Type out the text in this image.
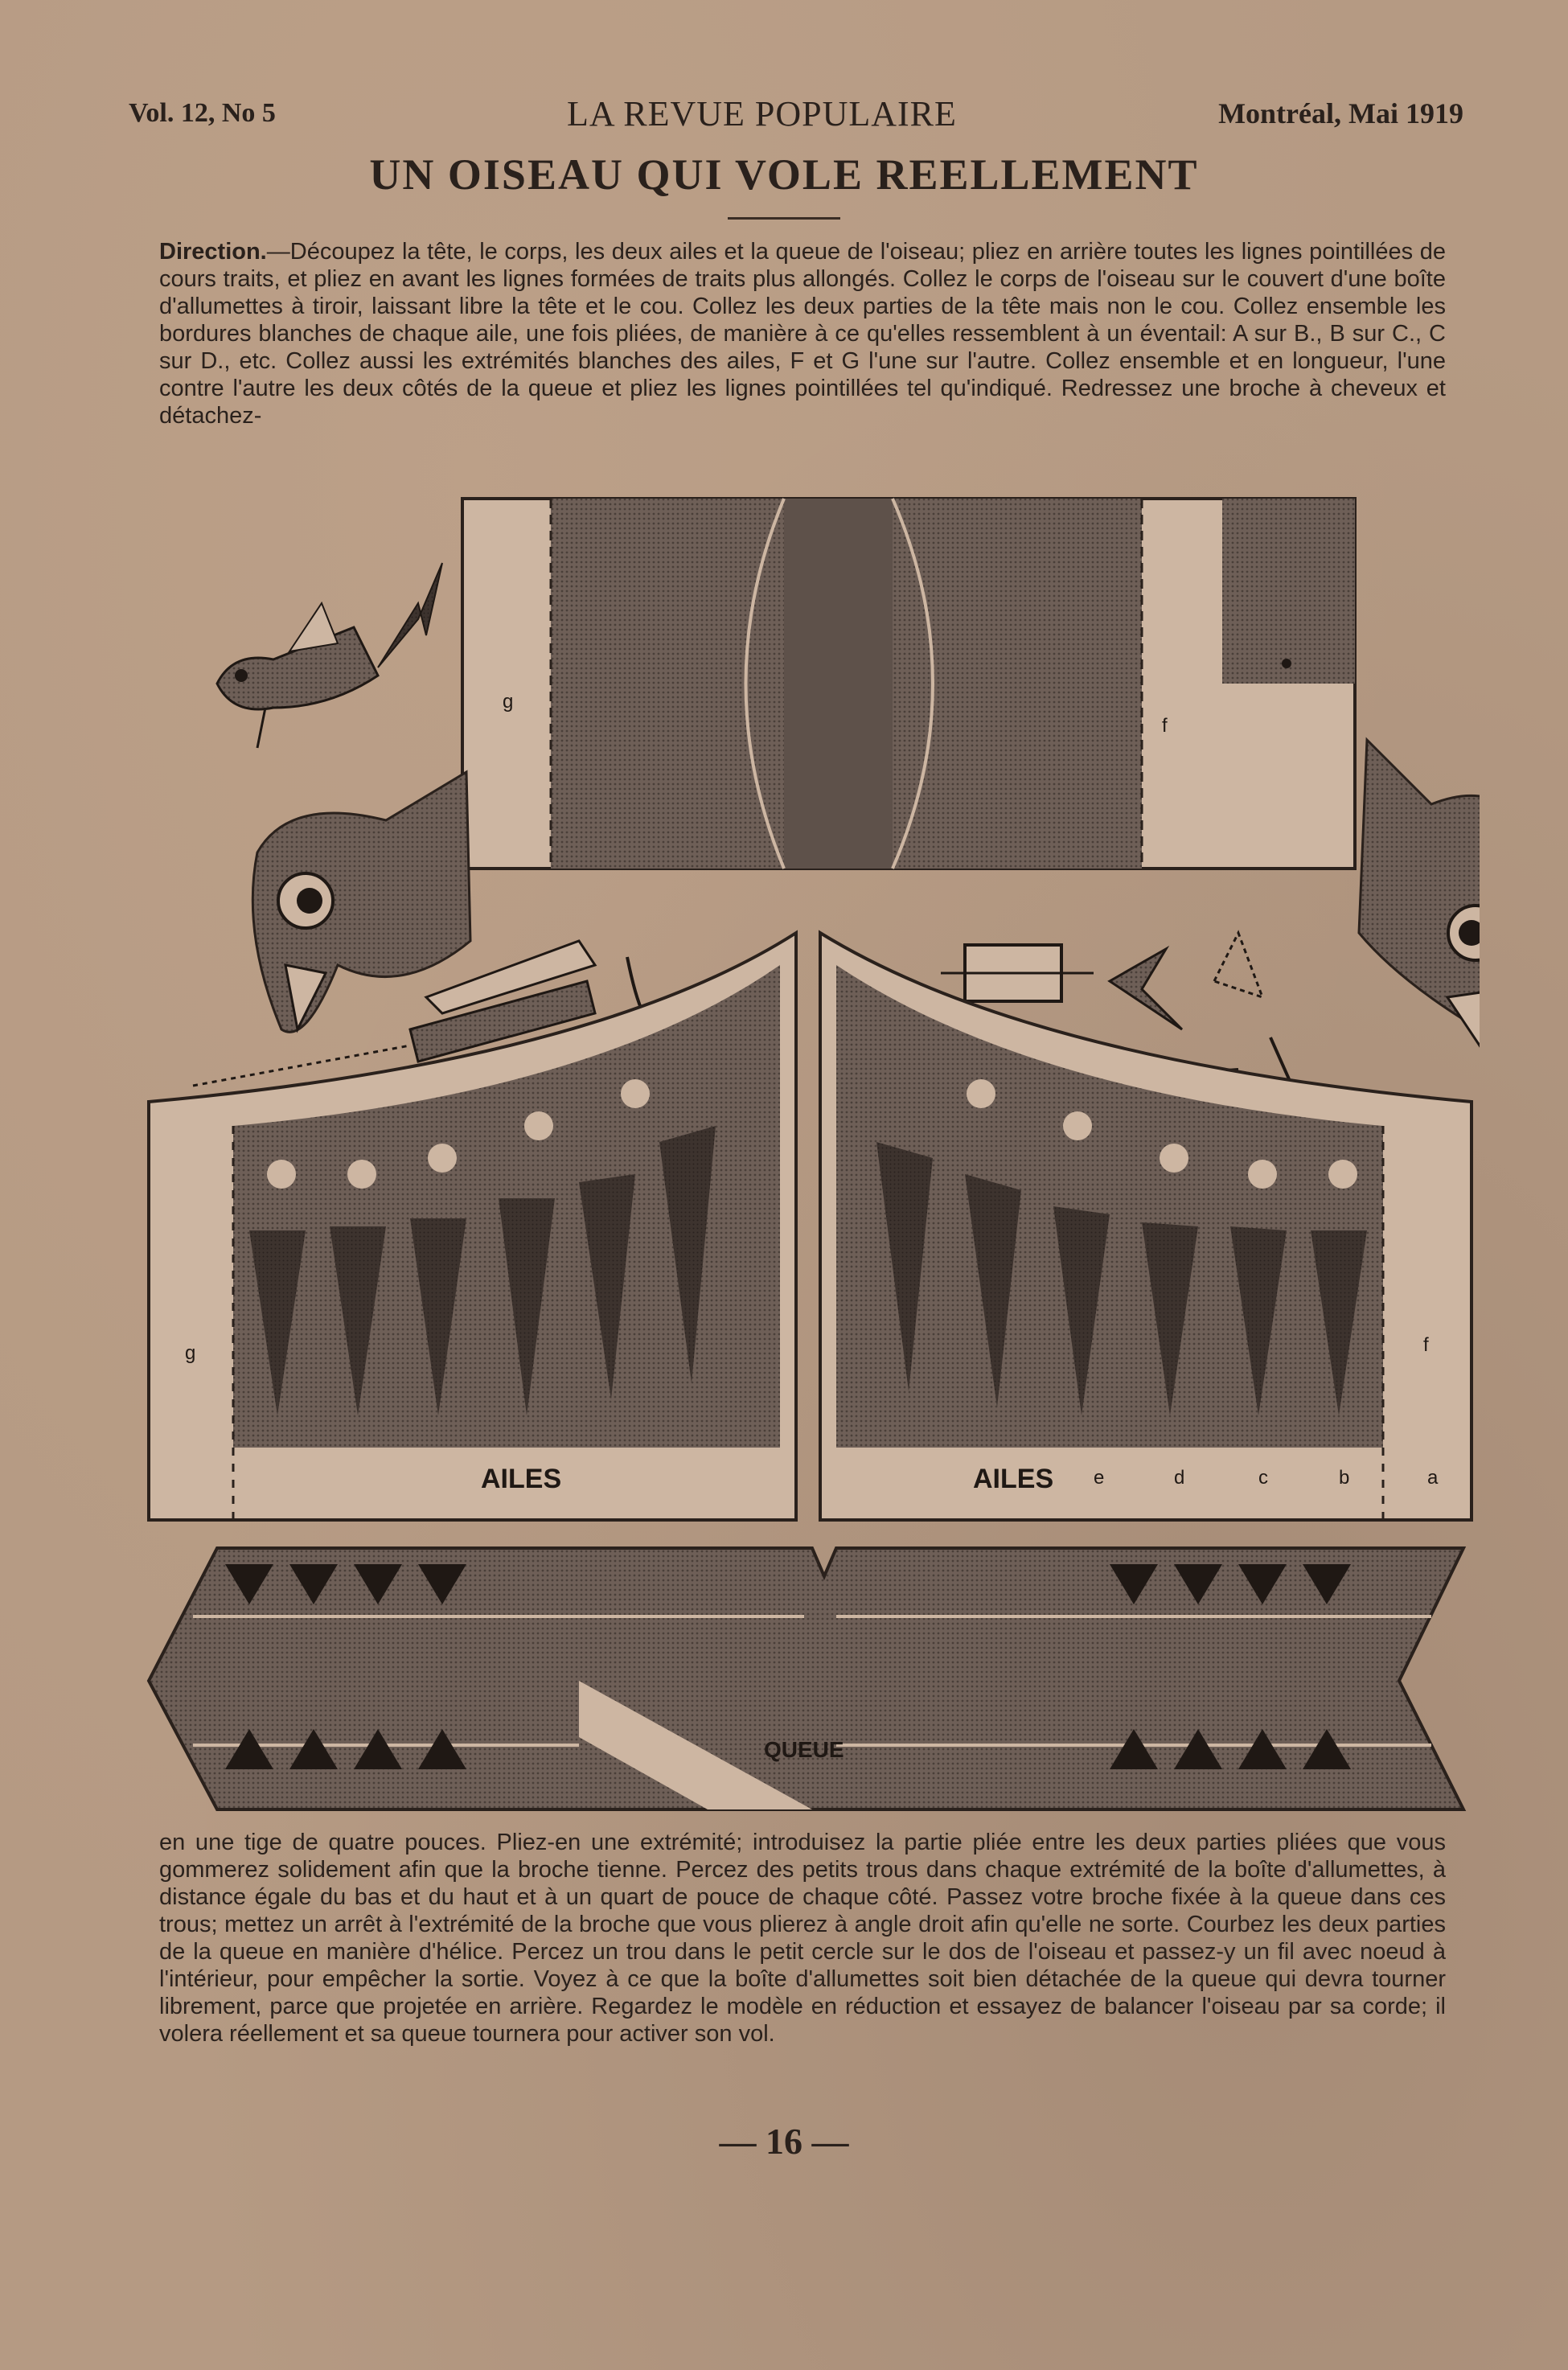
Vol. 12, No 5	LA REVUE POPULAIRE	Montréal, Mai 1919
UN OISEAU QUI VOLE REELLEMENT
Direction.—Découpez la tête, le corps, les deux ailes et la queue de l'oiseau; pliez en arrière toutes les lignes pointillées de cours traits, et pliez en avant les lignes formées de traits plus allongés. Collez le corps de l'oiseau sur le couvert d'une boîte d'allumettes à tiroir, laissant libre la tête et le cou. Collez les deux parties de la tête mais non le cou. Collez ensemble les bordures blanches de chaque aile, une fois pliées, de manière à ce qu'elles ressemblent à un éventail: A sur B., B sur C., C sur D., etc. Collez aussi les extrémités blanches des ailes, F et G l'une sur l'autre. Collez ensemble et en longueur, l'une contre l'autre les deux côtés de la queue et pliez les lignes pointillées tel qu'indiqué. Redressez une broche à cheveux et détachez-
g
f
g
AILES
f
AILES e	d	c	b	a
QUEUE
en une tige de quatre pouces. Pliez-en une extrémité; introduisez la partie pliée entre les deux parties pliées que vous gommerez solidement afin que la broche tienne. Percez des petits trous dans chaque extrémité de la boîte d'allumettes, à distance égale du bas et du haut et à un quart de pouce de chaque côté. Passez votre broche fixée à la queue dans ces trous; mettez un arrêt à l'extrémité de la broche que vous plierez à angle droit afin qu'elle ne sorte. Courbez les deux parties de la queue en manière d'hélice. Percez un trou dans le petit cercle sur le dos de l'oiseau et passez-y un fil avec noeud à l'intérieur, pour empêcher la sortie. Voyez à ce que la boîte d'allumettes soit bien détachée de la queue qui devra tourner librement, parce que projetée en arrière. Regardez le modèle en réduction et essayez de balancer l'oiseau par sa corde; il volera réellement et sa queue tournera pour activer son vol.
— 16 —
